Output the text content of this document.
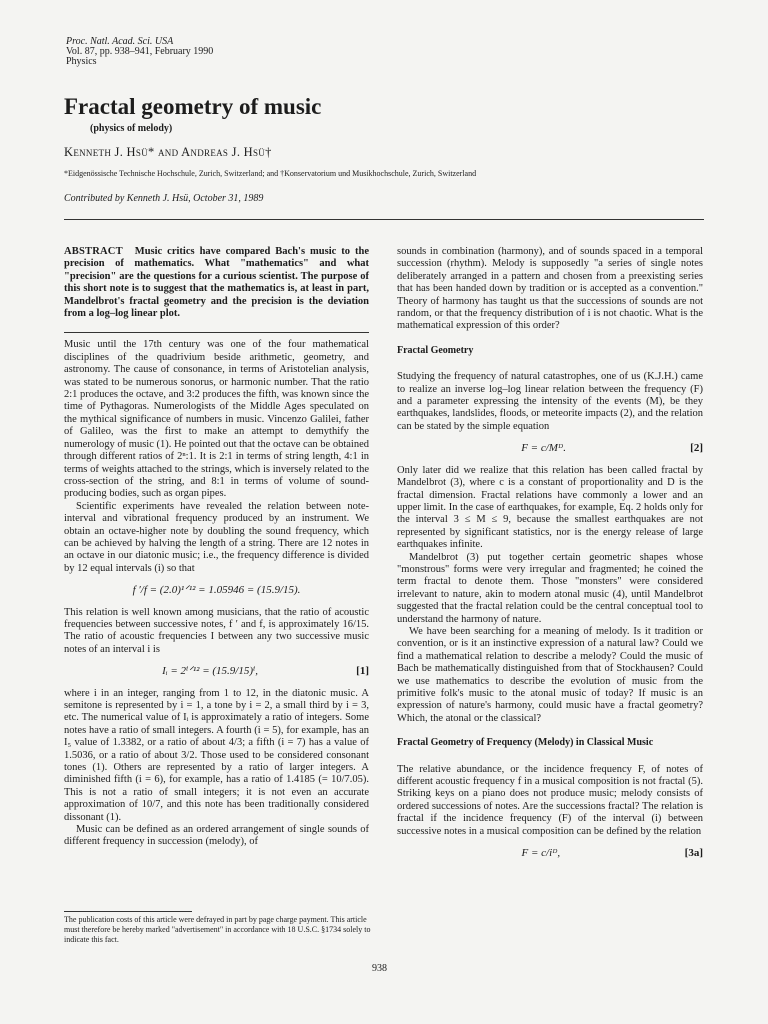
Proc. Natl. Acad. Sci. USA
Vol. 87, pp. 938–941, February 1990
Physics
Fractal geometry of music
(physics of melody)
Kenneth J. Hsü* and Andreas J. Hsü†
*Eidgenössische Technische Hochschule, Zurich, Switzerland; and †Konservatorium und Musikhochschule, Zurich, Switzerland
Contributed by Kenneth J. Hsü, October 31, 1989

ABSTRACT Music critics have compared Bach's music to the precision of mathematics. What "mathematics" and what "precision" are the questions for a curious scientist. The purpose of this short note is to suggest that the mathematics is, at least in part, Mandelbrot's fractal geometry and the precision is the deviation from a log–log linear plot.

Music until the 17th century was one of the four mathematical disciplines of the quadrivium beside arithmetic, geometry, and astronomy. The cause of consonance, in terms of Aristotelian analysis, was stated to be numerous sonorus, or harmonic number. That the ratio 2:1 produces the octave, and 3:2 produces the fifth, was known since the time of Pythagoras. Numerologists of the Middle Ages speculated on the mythical significance of numbers in music. Vincenzo Galilei, father of Galileo, was the first to make an attempt to demythify the numerology of music (1). He pointed out that the octave can be obtained through different ratios of 2ⁿ:1. It is 2:1 in terms of string length, 4:1 in terms of weights attached to the strings, which is inversely related to the cross-section of the string, and 8:1 in terms of volume of sound-producing bodies, such as organ pipes.

Scientific experiments have revealed the relation between note-interval and vibrational frequency produced by an instrument. We obtain an octave-higher note by doubling the sound frequency, which can be achieved by halving the length of a string. There are 12 notes in an octave in our diatonic music; i.e., the frequency difference is divided by 12 equal intervals (i) so that

f ′/f = (2.0)¹ᐟ¹² = 1.05946 = (15.9/15).

This relation is well known among musicians, that the ratio of acoustic frequencies between successive notes, f ′ and f, is approximately 16/15. The ratio of acoustic frequencies I between any two successive music notes of an interval i is

Iᵢ = 2ⁱᐟ¹² = (15.9/15)ⁱ,	[1]

where i in an integer, ranging from 1 to 12, in the diatonic music. A semitone is represented by i = 1, a tone by i = 2, a small third by i = 3, etc. The numerical value of Iᵢ is approximately a ratio of integers. Some notes have a ratio of small integers. A fourth (i = 5), for example, has an I₅ value of 1.3382, or a ratio of about 4/3; a fifth (i = 7) has a value of 1.5036, or a ratio of about 3/2. Those used to be considered consonant tones (1). Others are represented by a ratio of larger integers. A diminished fifth (i = 6), for example, has a ratio of 1.4185 (= 10/7.05). This is not a ratio of small integers; it is not even an accurate approximation of 10/7, and this note has been traditionally considered dissonant (1).

Music can be defined as an ordered arrangement of single sounds of different frequency in succession (melody), of

sounds in combination (harmony), and of sounds spaced in a temporal succession (rhythm). Melody is supposedly "a series of single notes deliberately arranged in a pattern and chosen from a preexisting series that has been handed down by tradition or is accepted as a convention." Theory of harmony has taught us that the successions of sounds are not random, or that the frequency distribution of i is not chaotic. What is the mathematical expression of this order?

Fractal Geometry

Studying the frequency of natural catastrophes, one of us (K.J.H.) came to realize an inverse log–log linear relation between the frequency (F) and a parameter expressing the intensity of the events (M), be they earthquakes, landslides, floods, or meteorite impacts (2), and the relation can be stated by the simple equation

F = c/Mᴰ.	[2]

Only later did we realize that this relation has been called fractal by Mandelbrot (3), where c is a constant of proportionality and D is the fractal dimension. Fractal relations have commonly a lower and an upper limit. In the case of earthquakes, for example, Eq. 2 holds only for the interval 3 ≤ M ≤ 9, because the smallest earthquakes are not represented by significant statistics, nor is the energy release of large earthquakes infinite.

Mandelbrot (3) put together certain geometric shapes whose "monstrous" forms were very irregular and fragmented; he coined the term fractal to denote them. Those "monsters" were considered irrelevant to nature, akin to modern atonal music (4), until Mandelbrot suggested that the fractal relation could be the central conceptual tool to understand the harmony of nature.

We have been searching for a meaning of melody. Is it tradition or convention, or is it an instinctive expression of a natural law? Could we find a mathematical relation to describe a melody? Could the music of Bach be mathematically distinguished from that of Stockhausen? Could we use mathematics to describe the evolution of music from the primitive folk's music to the atonal music of today? If music is an expression of nature's harmony, could music have a fractal geometry? Which, the atonal or the classical?

Fractal Geometry of Frequency (Melody) in Classical Music

The relative abundance, or the incidence frequency F, of notes of different acoustic frequency f in a musical composition is not fractal (5). Striking keys on a piano does not produce music; melody consists of ordered successions of notes. Are the successions fractal? The relation is fractal if the incidence frequency (F) of the interval (i) between successive notes in a musical composition can be defined by the relation

F = c/iᴰ,	[3a]
The publication costs of this article were defrayed in part by page charge payment. This article must therefore be hereby marked "advertisement" in accordance with 18 U.S.C. §1734 solely to indicate this fact.
938
